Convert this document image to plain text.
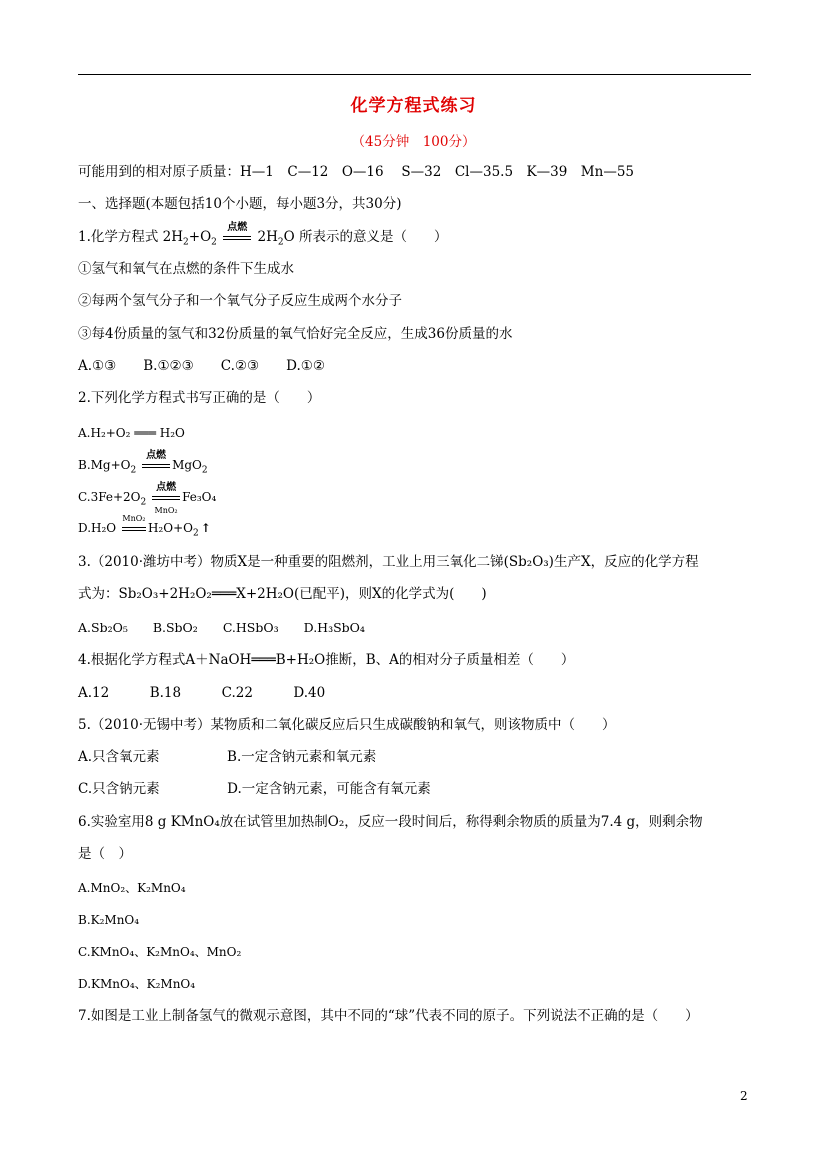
化学方程式练习
（45分钟　100分）
可能用到的相对原子质量：H—1　C—12　O—16　 S—32　Cl—35.5　K—39　Mn—55
一、选择题(本题包括10个小题，每小题3分，共30分)
1.化学方程式 $2H_2+O_2$
点燃
$2H_2O$ 所表示的意义是（　　）
①氢气和氧气在点燃的条件下生成水
②每两个氢气分子和一个氧气分子反应生成两个水分子
③每4份质量的氢气和32份质量的氧气恰好完全反应，生成36份质量的水
A.①③　　B.①②③　　C.②③　　D.①②
2.下列化学方程式书写正确的是（　　）
A.H₂+O₂ ═══ H₂O
$B.Mg+O_2$
点燃
MgO$_2$
$C.3Fe+2O_2$
点燃
MnO₂
Fe₃O₄
D.H₂O
MnO₂
$H_2O+O_2$ ↑
3.（2010·潍坊中考）物质X是一种重要的阻燃剂，工业上用三氧化二锑(Sb₂O₃)生产X，反应的化学方程
式为：Sb₂O₃+2H₂O₂═══X+2H₂O(已配平)，则X的化学式为(　　)
A.Sb₂O₅　　B.SbO₂　　C.HSbO₃　　D.H₃SbO₄
4.根据化学方程式A＋NaOH═══B+H₂O推断，B、A的相对分子质量相差（　　）
A.12　　　B.18　　　C.22　　　D.40
5.（2010·无锡中考）某物质和二氧化碳反应后只生成碳酸钠和氧气，则该物质中（　　）
A.只含氧元素　　　　　B.一定含钠元素和氧元素
C.只含钠元素　　　　　D.一定含钠元素，可能含有氧元素
6.实验室用8 g KMnO₄放在试管里加热制O₂，反应一段时间后，称得剩余物质的质量为7.4 g，则剩余物
是（　）
A.MnO₂、K₂MnO₄
B.K₂MnO₄
C.KMnO₄、K₂MnO₄、MnO₂
D.KMnO₄、K₂MnO₄
7.如图是工业上制备氢气的微观示意图，其中不同的“球”代表不同的原子。下列说法不正确的是（　　）
2
